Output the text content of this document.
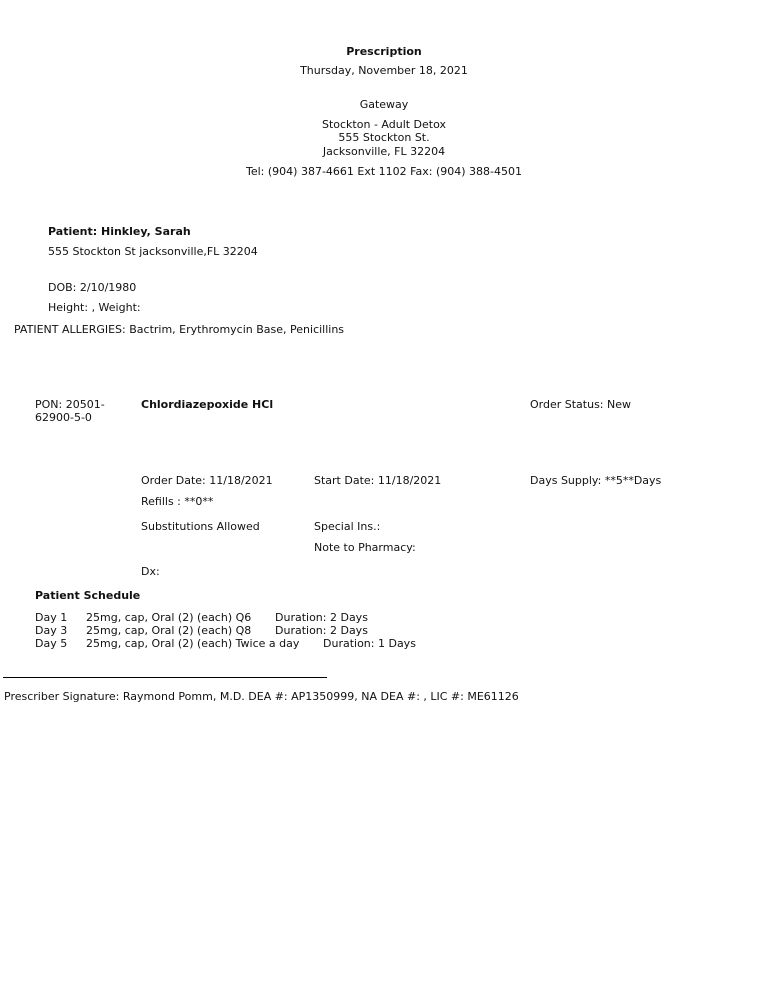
Prescription
Thursday, November 18, 2021
Gateway
Stockton - Adult Detox
555 Stockton St.
Jacksonville, FL 32204
Tel: (904) 387-4661 Ext 1102 Fax: (904) 388-4501
Patient: Hinkley, Sarah
555 Stockton St jacksonville,FL 32204
DOB: 2/10/1980
Height: , Weight:
PATIENT ALLERGIES: Bactrim, Erythromycin Base, Penicillins
PON: 20501-
62900-5-0
Chlordiazepoxide HCl	Order Status: New
Order Date: 11/18/2021	Start Date: 11/18/2021	Days Supply: **5**Days
Refills : **0**
Substitutions Allowed	Special Ins.:
Note to Pharmacy:
Dx:
Patient Schedule
Day 1 25mg, cap, Oral (2) (each) Q6 Duration: 2 Days
Day 3 25mg, cap, Oral (2) (each) Q8 Duration: 2 Days
Day 5 25mg, cap, Oral (2) (each) Twice a day Duration: 1 Days
Prescriber Signature: Raymond Pomm, M.D. DEA #: AP1350999, NA DEA #: , LIC #: ME61126
